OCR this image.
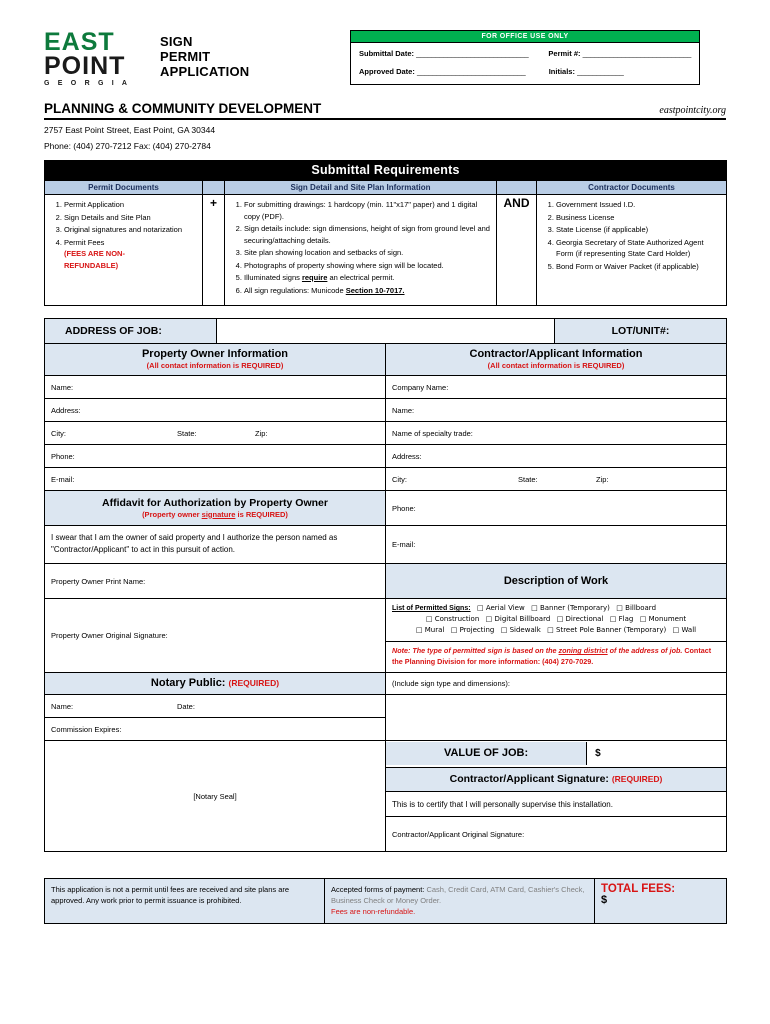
EAST
POINT
G E O R G I A
SIGN
PERMIT
APPLICATION
FOR OFFICE USE ONLY
Submittal Date: _____________________________	Permit #: ____________________________
Approved Date: ____________________________	Initials: ____________
PLANNING & COMMUNITY DEVELOPMENT	eastpointcity.org
2757 East Point Street, East Point, GA 30344
Phone: (404) 270-7212 Fax: (404) 270-2784
Submittal Requirements				
Permit Documents		Sign Detail and Site Plan Information		Contractor Documents

1. Permit Application
2. Sign Details and Site Plan
3. Original signatures and notarization
4. Permit Fees
(FEES ARE NON-
REFUNDABLE)
	+	
1.For submitting drawings: 1 hardcopy (min. 11"x17" paper) and 1 digital copy (PDF).
2. Sign details include: sign dimensions, height of sign from ground level and securing/attaching details.
3. Site plan showing location and setbacks of sign.
4. Photographs of property showing where sign will be located.
5. Illuminated signs require an electrical permit.
6. All sign regulations: Municode Section 10-7017.
	AND	
1.Government Issued I.D.
2. Business License
3. State License (if applicable)
4. Georgia Secretary of State Authorized Agent Form (if representing State Card Holder)
5. Bond Form or Waiver Packet (if applicable)
ADDRESS OF JOB:		LOT/UNIT#:
Property Owner Information
(All contact information is REQUIRED)

Contractor/Applicant Information
(All contact information is REQUIRED)

Name:	Company Name:
Address:	Name:

City:	State:	Zip:	Name of specialty trade:
Phone:	Address:
E-mail:	City:	State:	Zip:

Affidavit for Authorization by Property Owner
(Property owner signature is REQUIRED)
	Phone:
I swear that I am the owner of said property and I authorize the person named as "Contractor/Applicant" to act in this pursuit of action.	E-mail:
Property Owner Print Name:	Description of Work
Property Owner Original Signature:	List of Permitted Signs:   □ Aerial View   □ Banner (Temporary)   □ Billboard
□ Construction   □ Digital Billboard   □ Directional   □ Flag   □ Monument
□ Mural   □ Projecting   □ Sidewalk   □ Street Pole Banner (Temporary)   □ Wall

Note: The type of permitted sign is based on the zoning district of the address of job. Contact the Planning Division for more information: (404) 270-7029.
Notary Public: (REQUIRED)	(Include sign type and dimensions):

Name:	Date:

Commission Expires:
[Notary Seal]	
VALUE OF JOB:	$

Contractor/Applicant Signature: (REQUIRED)
This is to certify that I will personally supervise this installation.
Contractor/Applicant Original Signature:
This application is not a permit until fees are received and site plans are approved. Any work prior to permit issuance is prohibited.	Accepted forms of payment: Cash, Credit Card, ATM Card, Cashier's Check, Business Check or Money Order.
Fees are non-refundable.

TOTAL FEES:
$
